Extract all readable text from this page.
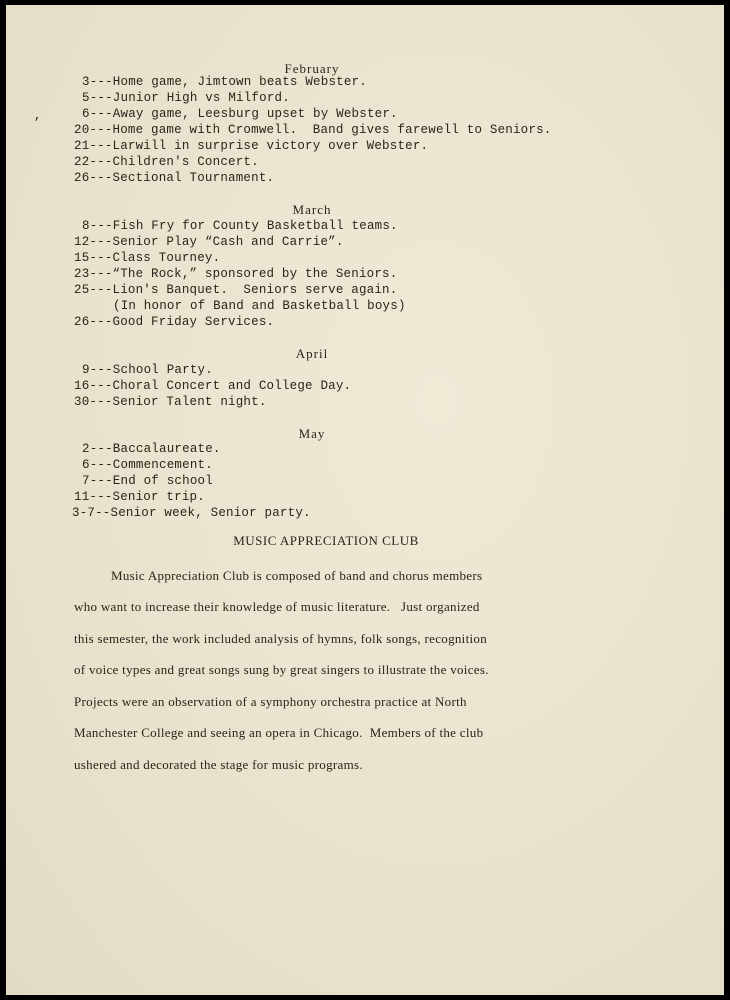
February
3---Home game, Jimtown beats Webster.
5---Junior High vs Milford.
,	6---Away game, Leesburg upset by Webster.
20---Home game with Cromwell.  Band gives farewell to Seniors.
21---Larwill in surprise victory over Webster.
22---Children's Concert.
26---Sectional Tournament.
March
8---Fish Fry for County Basketball teams.
12---Senior Play “Cash and Carrie”.
15---Class Tourney.
23---“The Rock,” sponsored by the Seniors.
25---Lion's Banquet.  Seniors serve again.
(In honor of Band and Basketball boys)
26---Good Friday Services.
April
9---School Party.
16---Choral Concert and College Day.
30---Senior Talent night.
May
2---Baccalaureate.
6---Commencement.
7---End of school
11---Senior trip.
3-7--Senior week, Senior party.
MUSIC APPRECIATION CLUB
Music Appreciation Club is composed of band and chorus members
who want to increase their knowledge of music literature.   Just organized
this semester, the work included analysis of hymns, folk songs, recognition
of voice types and great songs sung by great singers to illustrate the voices.
Projects were an observation of a symphony orchestra practice at North
Manchester College and seeing an opera in Chicago.  Members of the club
ushered and decorated the stage for music programs.
